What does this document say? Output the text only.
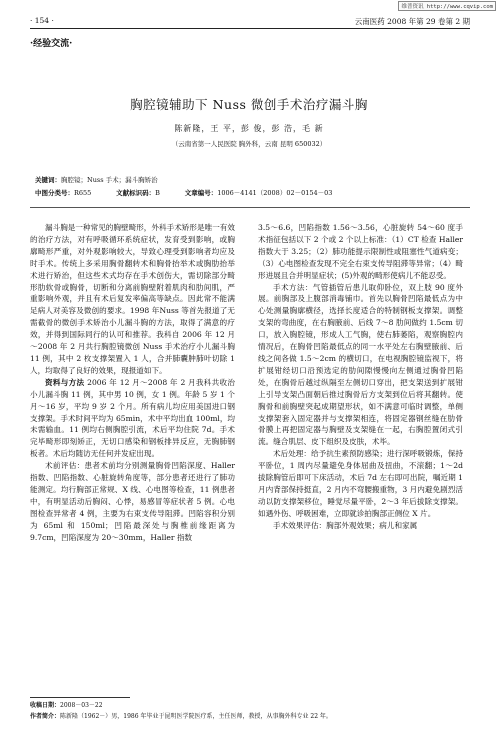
维普资讯 http://www.cqvip.com
· 154 ·	云南医药 2008 年第 29 卷第 2 期
·经验交流·
胸腔镜辅助下 Nuss 微创手术治疗漏斗胸
陈新隆，王 平，彭 俊，彭 浩，毛 新
（云南省第一人民医院 胸外科，云南 昆明 650032）
关键词：胸腔镜；Nuss 手术；漏斗胸矫治
中图分类号：R655	文献标识码：B	文章编号：1006－4141（2008）02－0154－03

漏斗胸是一种常见的胸壁畸形，外科手术矫形是唯一有效的治疗方法，对有呼吸循环系统症状，发育受到影响，或胸廓畸形严重，对外观影响较大，导致心理受到影响者均应及时手术。传统上多采用胸骨翻转术和胸骨抬举术或胸肋抬举术进行矫治，但这些术式均存在手术创伤大，需切除部分畸形肋软骨或胸骨，切断和分离前胸壁附着肌肉和肋间肌，严重影响外观，并且有术后复发率偏高等缺点。因此常不能满足病人对美容及微创的要求。1998 年Nuss 等首先报道了无需截骨的微创手术矫治小儿漏斗胸的方法，取得了满意的疗效，并得到国际同行的认可和推荐。我科自 2006 年 12 月～2008 年 2 月共行胸腔镜微创 Nuss 手术治疗小儿漏斗胸 11 例，其中 2 枚支撑架置入 1 人，合并肺囊肿肺叶切除 1 人，均取得了良好的效果，现报道如下。

资料与方法 2006 年 12 月～2008 年 2 月我科共收治小儿漏斗胸 11 例，其中男 10 例，女 1 例。年龄 5 岁 1 个月～16 岁，平均 9 岁 2 个月。所有病儿均应用美国进口钢支撑架。手术时间平均为 65min，术中平均出血 100ml，均未需输血。11 例均右侧胸腔引流，术后平均住院 7d。手术完毕畸形即刻矫正，无切口感染和钢板排异反应，无胸肺钢板者。术后均随访无任何并发症出现。

术前评估：患者术前均分别测量胸骨凹陷深度、Haller 指数、凹陷指数、心脏旋转角度等，部分患者还进行了肺功能测定。均行胸部正常规、X 线、心电图等检查，11 例患者中，有明显活动后胸闷、心悸，易感冒等症状者 5 例。心电图检查异常者 4 例，主要为右束支传导阻滞。凹陷容积分别为 65ml 和 150ml；凹陷最深处与胸椎前缘距离为 9.7cm，凹陷深度为 20～30mm，Haller 指数

3.5～6.6，凹陷指数 1.56～3.56，心脏旋转 54～60 度手术指征包括以下 2 个或 2 个以上标准：（1）CT 检查 Haller 指数大于 3.25；（2）肺功能提示限制性或阻塞性气道病变；（3）心电图检查发现不完全右束支传导阻滞等异常；（4）畸形进展且合并明显症状；(5)外观的畸形使病儿不能忍受。

手术方法：气管插管后患儿取仰卧位，双上肢 90 度外展。前胸部及上腹部消毒铺巾。首先以胸骨凹陷最低点为中心处测量胸廓横径，选择长度适合的特制钢板支撑架。调整支架的弯曲度，在右胸腋前、后线 7～8 肋间做约 1.5cm 切口，放入胸腔镜，形成人工气胸，使右肺萎陷，观察胸腔内情况后，在胸骨凹陷最低点的同一水平处左右胸壁腋前、后线之间各做 1.5～2cm 的横切口，在电视胸腔镜监视下，将扩展钳经切口沿预选定的肋间隙慢慢向左侧通过胸骨凹陷处，在胸骨后越过纵隔至左侧切口穿出，把支架送到扩展钳上引导支架凸面朝后推过胸骨后方支架到位后将其翻转。使胸骨和前胸壁突起成期望形状，如不满意可临时调整，单侧支撑架套入固定器并与支撑架相连，将固定器钢丝缝在肋骨骨膜上再把固定器与胸壁及支架缝在一起，右胸腔置闭式引流。缝合肌层、皮下组织及皮肤，术毕。

术后处理：给予抗生素预防感染；进行深呼吸锻炼，保持平卧位，1 周内尽量避免身体屈曲及扭曲，不滚翻；1～2d 拔除胸管后即可下床活动，术后 7d 左右即可出院，嘱近期 1 月内背部保持挺直，2 月内不弯腰搬重物，3 月内避免剧烈活动以防支撑架移位，睡觉尽量平卧，2～3 年后拔除支撑架。如遇外伤、呼吸困难，立即就诊拍胸部正侧位 X 片。

手术效果评估：胸部外观效果；病儿和家属

收稿日期：2008－03－22
作者简介：陈新隆（1962－）男，1986 年毕业于昆明医学院医疗系，主任医师，教授，从事胸外科专业 22 年。
